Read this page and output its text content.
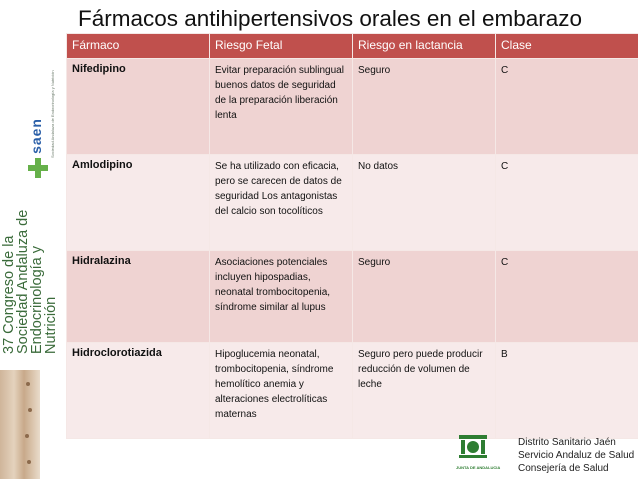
Sociedad Andaluza de Endocrinología y Nutrición
saen
37 Congreso de la Sociedad Andaluza de Endocrinología y Nutrición
Fármacos antihipertensivos orales en el embarazo
Fármaco	Riesgo Fetal	Riesgo en lactancia	Clase
Nifedipino	Evitar preparación sublingual buenos datos de seguridad de la preparación liberación lenta	Seguro	C
Amlodipino	Se ha utilizado con eficacia, pero se carecen de datos de seguridad Los antagonistas del calcio son tocolíticos	No datos	C
Hidralazina	Asociaciones potenciales incluyen hipospadias, neonatal trombocitopenia, síndrome similar al lupus	Seguro	C
Hidroclorotiazida	Hipoglucemia neonatal, trombocitopenia, síndrome hemolítico anemia y alteraciones electrolíticas maternas	Seguro pero puede producir reducción de volumen de leche	B
JUNTA DE ANDALUCIA
Distrito Sanitario Jaén
Servicio Andaluz de Salud
Consejería de Salud
